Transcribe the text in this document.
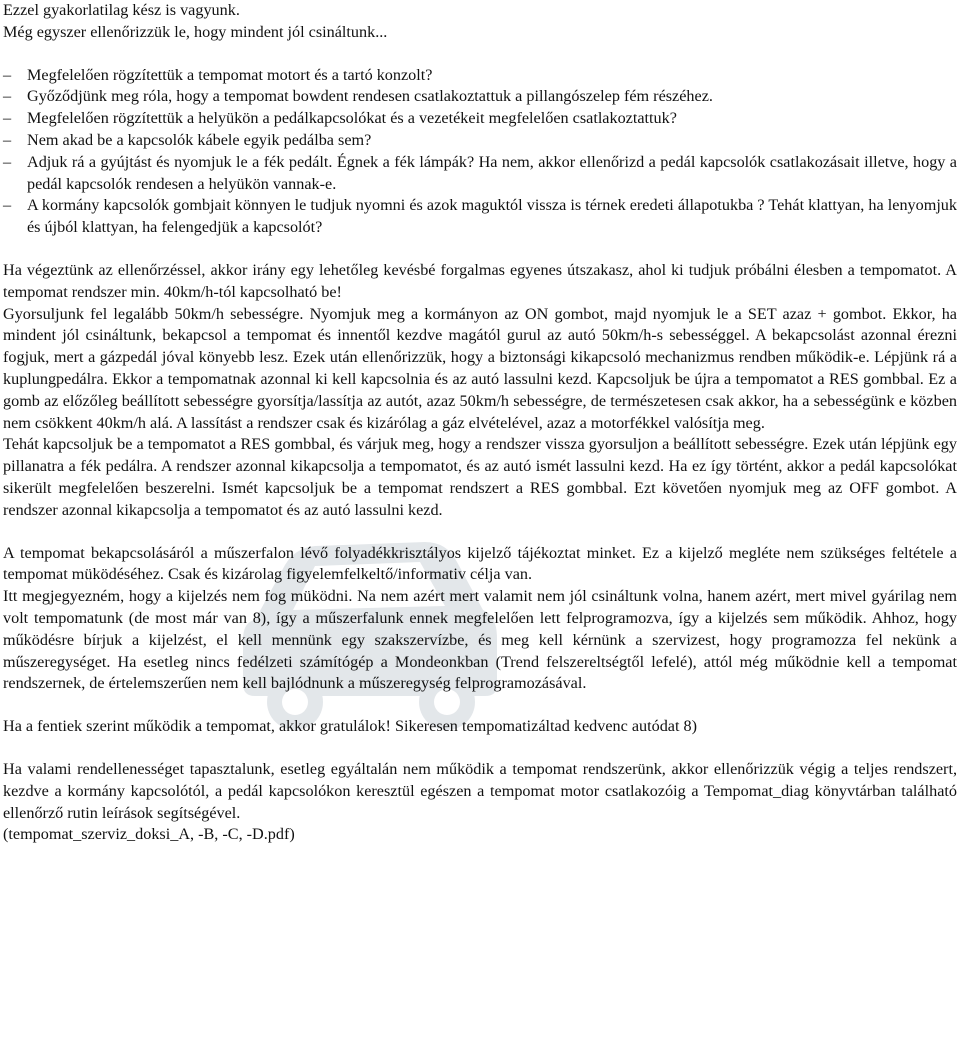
Ezzel gyakorlatilag kész is vagyunk.

Még egyszer ellenőrizzük le, hogy mindent jól csináltunk...

– Megfelelően rögzítettük a tempomat motort és a tartó konzolt?
– Győződjünk meg róla, hogy a tempomat bowdent rendesen csatlakoztattuk a pillangószelep fém részéhez.
– Megfelelően rögzítettük a helyükön a pedálkapcsolókat és a vezetékeit megfelelően csatlakoztattuk?
– Nem akad be a kapcsolók kábele egyik pedálba sem?
– Adjuk rá a gyújtást és nyomjuk le a fék pedált. Égnek a fék lámpák? Ha nem, akkor ellenőrizd a pedál kapcsolók csatlakozásait illetve, hogy a pedál kapcsolók rendesen a helyükön vannak-e.
– A kormány kapcsolók gombjait könnyen le tudjuk nyomni és azok maguktól vissza is térnek eredeti állapotukba ? Tehát klattyan, ha lenyomjuk és újból klattyan, ha felengedjük a kapcsolót?

Ha végeztünk az ellenőrzéssel, akkor irány egy lehetőleg kevésbé forgalmas egyenes útszakasz, ahol ki tudjuk próbálni élesben a tempomatot. A tempomat rendszer min. 40km/h-tól kapcsolható be!

Gyorsuljunk fel legalább 50km/h sebességre. Nyomjuk meg a kormányon az ON gombot, majd nyomjuk le a SET azaz + gombot. Ekkor, ha mindent jól csináltunk, bekapcsol a tempomat és innentől kezdve magától gurul az autó 50km/h-s sebességgel. A bekapcsolást azonnal érezni fogjuk, mert a gázpedál jóval könyebb lesz. Ezek után ellenőrizzük, hogy a biztonsági kikapcsoló mechanizmus rendben működik-e. Lépjünk rá a kuplungpedálra. Ekkor a tempomatnak azonnal ki kell kapcsolnia és az autó lassulni kezd. Kapcsoljuk be újra a tempomatot a RES gombbal. Ez a gomb az előzőleg beállított sebességre gyorsítja/lassítja az autót, azaz 50km/h sebességre, de természetesen csak akkor, ha a sebességünk e közben nem csökkent 40km/h alá. A lassítást a rendszer csak és kizárólag a gáz elvételével, azaz a motorfékkel valósítja meg.

Tehát kapcsoljuk be a tempomatot a RES gombbal, és várjuk meg, hogy a rendszer vissza gyorsuljon a beállított sebességre. Ezek után lépjünk egy pillanatra a fék pedálra. A rendszer azonnal kikapcsolja a tempomatot, és az autó ismét lassulni kezd. Ha ez így történt, akkor a pedál kapcsolókat sikerült megfelelően beszerelni. Ismét kapcsoljuk be a tempomat rendszert a RES gombbal. Ezt követően nyomjuk meg az OFF gombot. A rendszer azonnal kikapcsolja a tempomatot és az autó lassulni kezd.

A tempomat bekapcsolásáról a műszerfalon lévő folyadékkrisztályos kijelző tájékoztat minket. Ez a kijelző megléte nem szükséges feltétele a tempomat müködéséhez. Csak és kizárolag figyelemfelkeltő/informativ célja van.

Itt megjegyezném, hogy a kijelzés nem fog müködni. Na nem azért mert valamit nem jól csináltunk volna, hanem azért, mert mivel gyárilag nem volt tempomatunk (de most már van 8), így a műszerfalunk ennek megfelelően lett felprogramozva, így a kijelzés sem működik. Ahhoz, hogy működésre bírjuk a kijelzést, el kell mennünk egy szakszervízbe, és meg kell kérnünk a szervizest, hogy programozza fel nekünk a műszeregységet. Ha esetleg nincs fedélzeti számítógép a Mondeonkban (Trend felszereltségtől lefelé), attól még működnie kell a tempomat rendszernek, de értelemszerűen nem kell bajlódnunk a műszeregység felprogramozásával.

Ha a fentiek szerint működik a tempomat, akkor gratulálok! Sikeresen tempomatizáltad kedvenc autódat 8)

Ha valami rendellenességet tapasztalunk, esetleg egyáltalán nem működik a tempomat rendszerünk, akkor ellenőrizzük végig a teljes rendszert, kezdve a kormány kapcsolótól, a pedál kapcsolókon keresztül egészen a tempomat motor csatlakozóig a Tempomat_diag könyvtárban található ellenőrző rutin leírások segítségével.

(tempomat_szerviz_doksi_A, -B, -C, -D.pdf)
